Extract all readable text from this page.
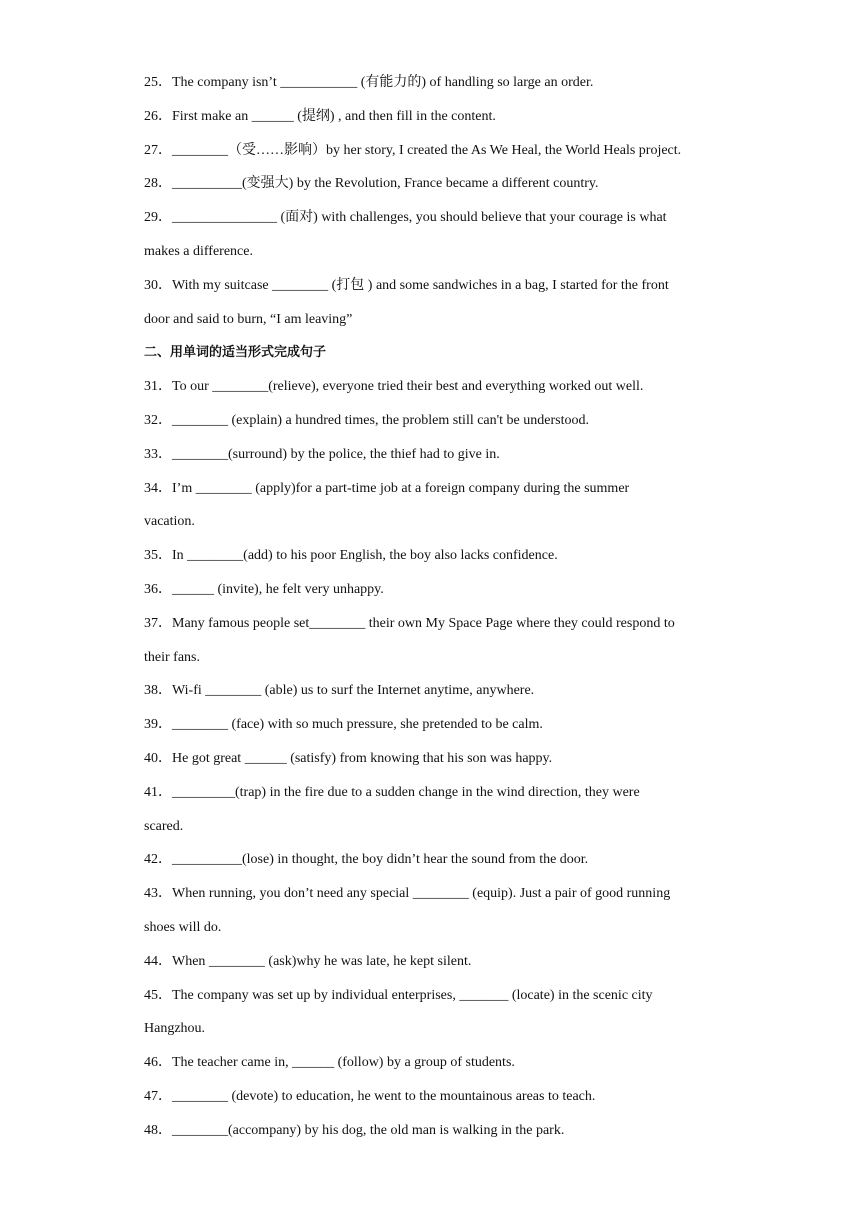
25．The company isn’t ___________ (有能力的) of handling so large an order.
26．First make an ______ (提纲) , and then fill in the content.
27．________（受……影响）by her story, I created the As We Heal, the World Heals project.
28．__________(变强大) by the Revolution, France became a different country.
29．_______________ (面对) with challenges, you should believe that your courage is what
makes a difference.
30．With my suitcase ________ (打包 ) and some sandwiches in a bag, I started for the front
door and said to burn, “I am leaving”
二、用单词的适当形式完成句子
31．To our ________(relieve), everyone tried their best and everything worked out well.
32．________ (explain) a hundred times, the problem still can't be understood.
33．________(surround) by the police, the thief had to give in.
34．I’m ________ (apply)for a part-time job at a foreign company during the summer
vacation.
35．In ________(add) to his poor English, the boy also lacks confidence.
36．______ (invite), he felt very unhappy.
37．Many famous people set________ their own My Space Page where they could respond to
their fans.
38．Wi-fi ________ (able) us to surf the Internet anytime, anywhere.
39．________ (face) with so much pressure, she pretended to be calm.
40．He got great ______ (satisfy) from knowing that his son was happy.
41．_________(trap) in the fire due to a sudden change in the wind direction, they were
scared.
42．__________(lose) in thought, the boy didn’t hear the sound from the door.
43．When running, you don’t need any special ________ (equip). Just a pair of good running
shoes will do.
44．When ________ (ask)why he was late, he kept silent.
45．The company was set up by individual enterprises, _______ (locate) in the scenic city
Hangzhou.
46．The teacher came in, ______ (follow) by a group of students.
47．________ (devote) to education, he went to the mountainous areas to teach.
48．________(accompany) by his dog, the old man is walking in the park.
